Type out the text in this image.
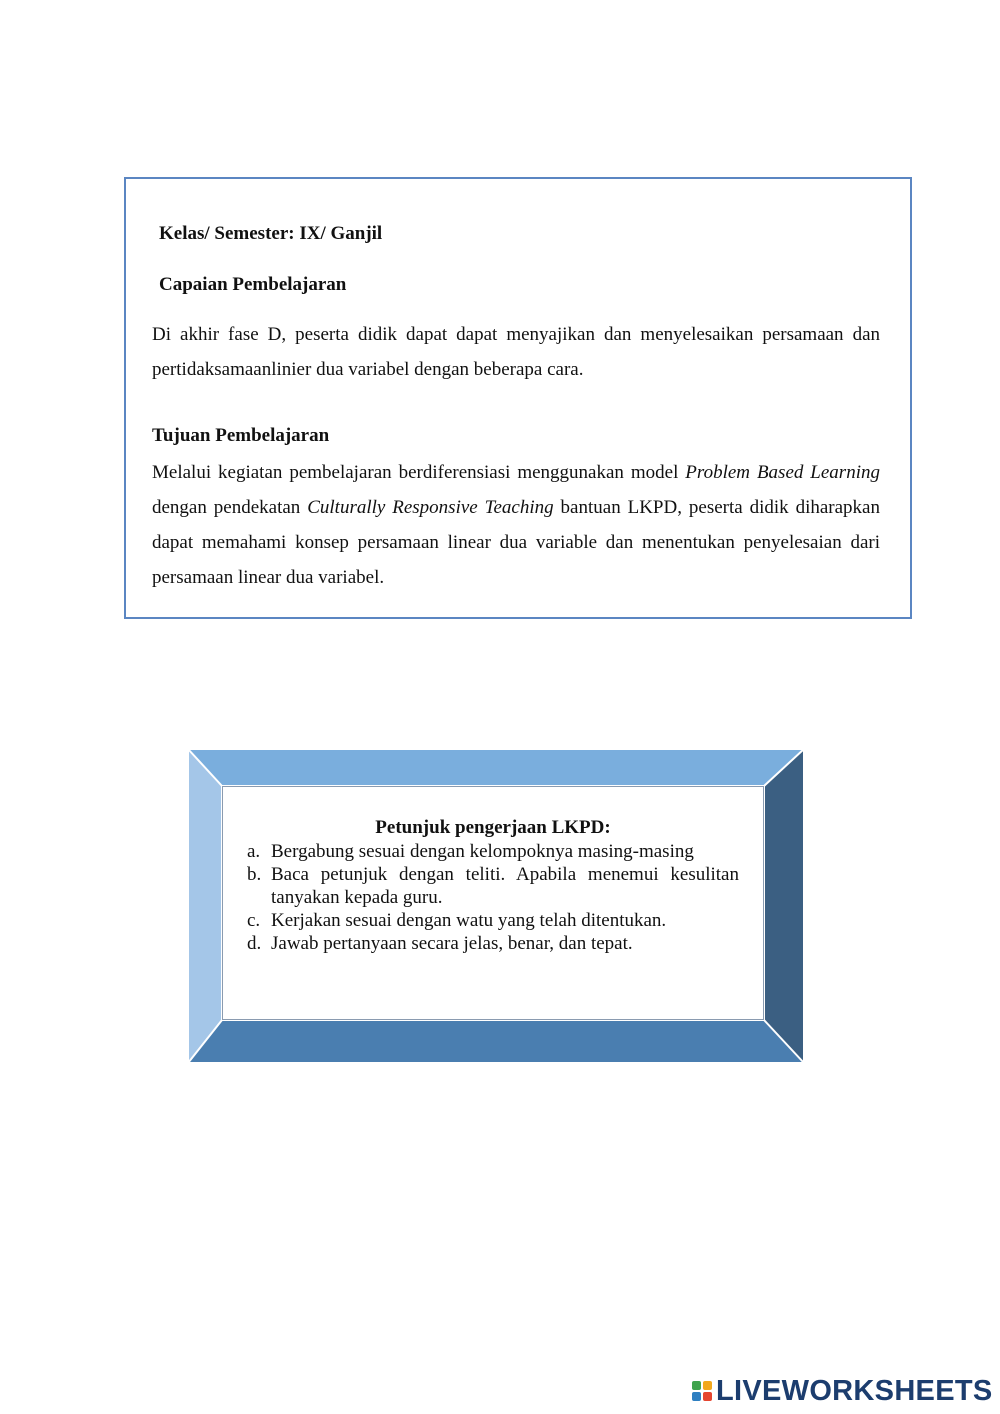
Kelas/ Semester: IX/ Ganjil
Capaian Pembelajaran

Di akhir fase D, peserta didik dapat dapat menyajikan dan menyelesaikan persamaan dan pertidaksamaanlinier dua variabel dengan beberapa cara.

Tujuan Pembelajaran

Melalui kegiatan pembelajaran berdiferensiasi menggunakan model Problem Based Learning dengan pendekatan Culturally Responsive Teaching bantuan LKPD, peserta didik diharapkan dapat memahami konsep persamaan linear dua variable dan menentukan penyelesaian dari persamaan linear dua variabel.

Petunjuk pengerjaan LKPD:
a. Bergabung sesuai dengan kelompoknya masing-masing
b. Baca petunjuk dengan teliti. Apabila menemui kesulitan tanyakan kepada guru.
c. Kerjakan sesuai dengan watu yang telah ditentukan.
d. Jawab pertanyaan secara jelas, benar, dan tepat.
LIVEWORKSHEETS
